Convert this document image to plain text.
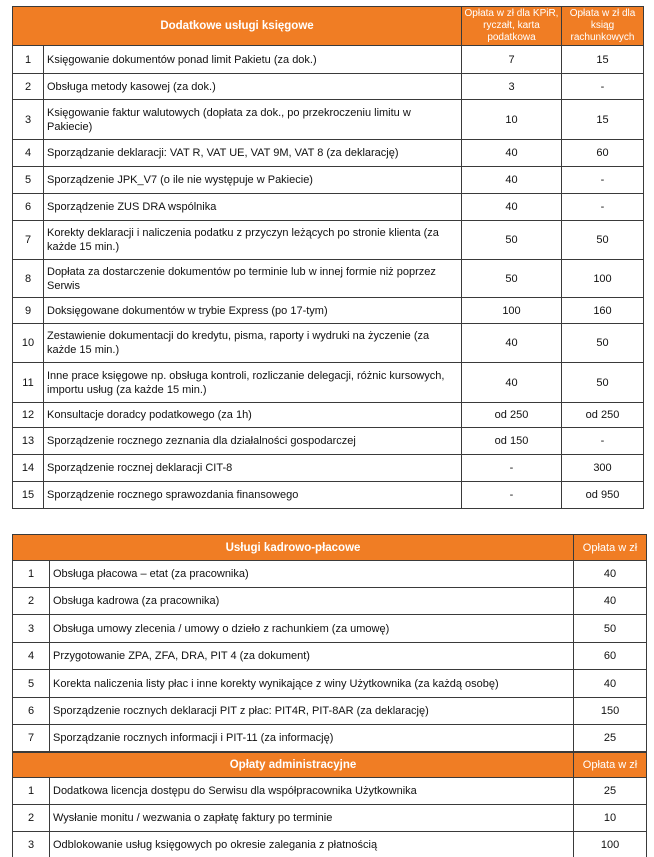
Dodatkowe usługi księgowe		Opłata w zł dla KPiR, ryczałt, karta podatkowa	Opłata w zł dla ksiąg rachunkowych
1	Księgowanie dokumentów ponad limit Pakietu (za dok.)	7	15
2	Obsługa metody kasowej (za dok.)	3	-
3	Księgowanie faktur walutowych (dopłata za dok., po przekroczeniu limitu w Pakiecie)	10	15
4	Sporządzanie deklaracji: VAT R, VAT UE, VAT 9M, VAT 8 (za deklarację)	40	60
5	Sporządzenie JPK_V7 (o ile nie występuje w Pakiecie)	40	-
6	Sporządzenie ZUS DRA wspólnika	40	-
7	Korekty deklaracji i naliczenia podatku z przyczyn leżących po stronie klienta (za każde 15 min.)	50	50
8	Dopłata za dostarczenie dokumentów po terminie lub w innej formie niż poprzez Serwis	50	100
9	Doksięgowane dokumentów w trybie Express (po 17-tym)	100	160
10	Zestawienie dokumentacji do kredytu, pisma, raporty i wydruki na życzenie (za każde 15 min.)	40	50
11	Inne prace księgowe np. obsługa kontroli, rozliczanie delegacji, różnic kursowych, importu usług (za każde 15 min.)	40	50
12	Konsultacje doradcy podatkowego (za 1h)	od 250	od 250
13	Sporządzenie rocznego zeznania dla działalności gospodarczej	od 150	-
14	Sporządzenie rocznej deklaracji CIT-8	-	300
15	Sporządzenie rocznego sprawozdania finansowego	-	od 950
Usługi kadrowo-płacowe		Opłata w zł
1	Obsługa płacowa – etat (za pracownika)	40
2	Obsługa kadrowa (za pracownika)	40
3	Obsługa umowy zlecenia / umowy o dzieło z rachunkiem (za umowę)	50
4	Przygotowanie ZPA, ZFA, DRA, PIT 4 (za dokument)	60
5	Korekta naliczenia listy płac i inne korekty wynikające z winy Użytkownika (za każdą osobę)	40
6	Sporządzenie rocznych deklaracji PIT z płac: PIT4R, PIT-8AR (za deklarację)	150
7	Sporządzanie rocznych informacji i PIT-11 (za informację)	25
Opłaty administracyjne		Opłata w zł
1	Dodatkowa licencja dostępu do Serwisu dla współpracownika Użytkownika	25
2	Wysłanie monitu / wezwania o zapłatę faktury po terminie	10
3	Odblokowanie usług księgowych po okresie zalegania z płatnością	100
